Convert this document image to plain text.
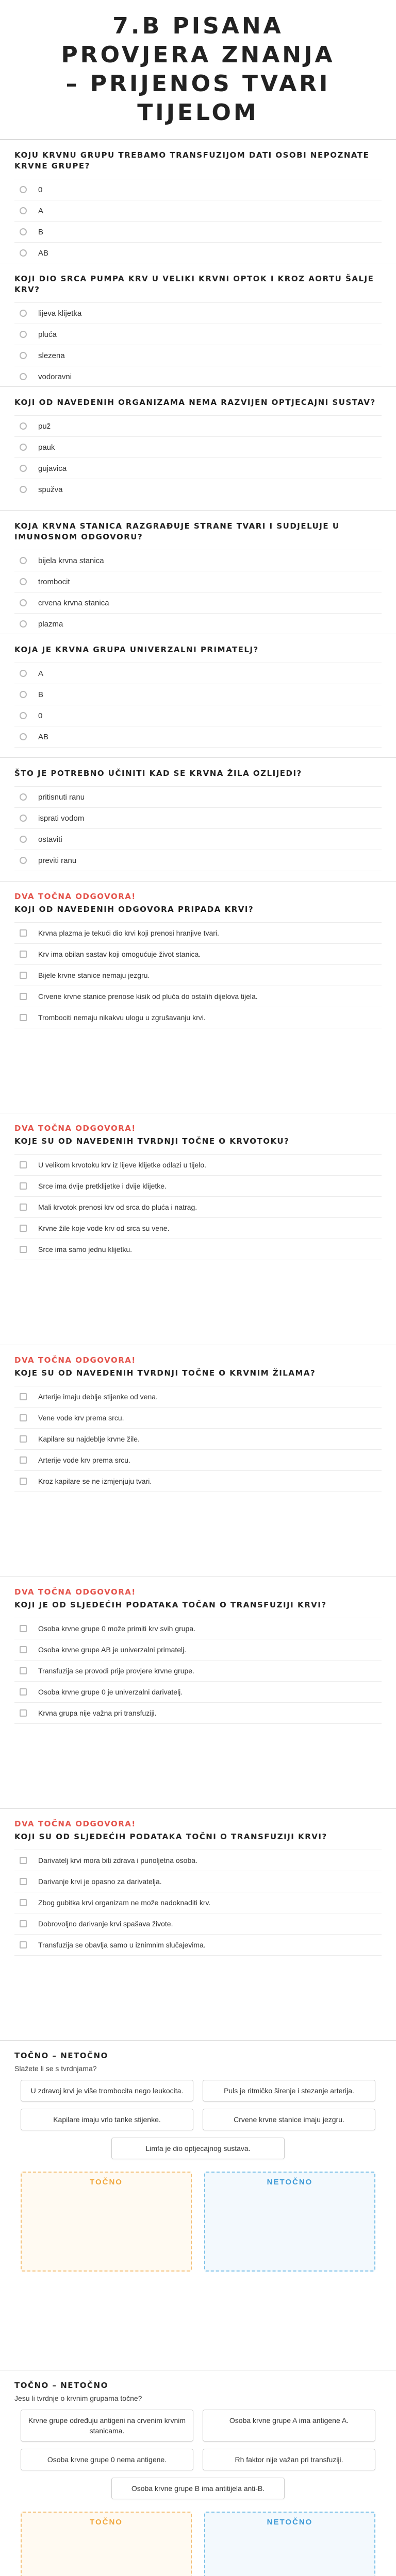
7.B PISANA
PROVJERA ZNANJA
– PRIJENOS TVARI
TIJELOM
KOJU KRVNU GRUPU TREBAMO TRANSFUZIJOM DATI OSOBI NEPOZNATE KRVNE GRUPE?
0
A
B
AB
KOJI DIO SRCA PUMPA KRV U VELIKI KRVNI OPTOK I KROZ AORTU ŠALJE KRV?
lijeva klijetka
pluća
slezena
vodoravni
KOJI OD NAVEDENIH ORGANIZAMA NEMA RAZVIJEN OPTJECAJNI SUSTAV?
puž
pauk
gujavica
spužva
KOJA KRVNA STANICA RAZGRAĐUJE STRANE TVARI I SUDJELUJE U IMUNOSNOM ODGOVORU?
bijela krvna stanica
trombocit
crvena krvna stanica
plazma
KOJA JE KRVNA GRUPA UNIVERZALNI PRIMATELJ?
A
B
0
AB
ŠTO JE POTREBNO UČINITI KAD SE KRVNA ŽILA OZLIJEDI?
pritisnuti ranu
isprati vodom
ostaviti
previti ranu
DVA TOČNA ODGOVORA!
KOJI OD NAVEDENIH ODGOVORA PRIPADA KRVI?
Krvna plazma je tekući dio krvi koji prenosi hranjive tvari.
Krv ima obilan sastav koji omogućuje život stanica.
Bijele krvne stanice nemaju jezgru.
Crvene krvne stanice prenose kisik od pluća do ostalih dijelova tijela.
Trombociti nemaju nikakvu ulogu u zgrušavanju krvi.
DVA TOČNA ODGOVORA!
KOJE SU OD NAVEDENIH TVRDNJI TOČNE O KRVOTOKU?
U velikom krvotoku krv iz lijeve klijetke odlazi u tijelo.
Srce ima dvije pretklijetke i dvije klijetke.
Mali krvotok prenosi krv od srca do pluća i natrag.
Krvne žile koje vode krv od srca su vene.
Srce ima samo jednu klijetku.
DVA TOČNA ODGOVORA!
KOJE SU OD NAVEDENIH TVRDNJI TOČNE O KRVNIM ŽILAMA?
Arterije imaju deblje stijenke od vena.
Vene vode krv prema srcu.
Kapilare su najdeblje krvne žile.
Arterije vode krv prema srcu.
Kroz kapilare se ne izmjenjuju tvari.
DVA TOČNA ODGOVORA!
KOJI JE OD SLJEDEĆIH PODATAKA TOČAN O TRANSFUZIJI KRVI?
Osoba krvne grupe 0 može primiti krv svih grupa.
Osoba krvne grupe AB je univerzalni primatelj.
Transfuzija se provodi prije provjere krvne grupe.
Osoba krvne grupe 0 je univerzalni darivatelj.
Krvna grupa nije važna pri transfuziji.
DVA TOČNA ODGOVORA!
KOJI SU OD SLJEDEĆIH PODATAKA TOČNI O TRANSFUZIJI KRVI?
Darivatelj krvi mora biti zdrava i punoljetna osoba.
Darivanje krvi je opasno za darivatelja.
Zbog gubitka krvi organizam ne može nadoknaditi krv.
Dobrovoljno darivanje krvi spašava živote.
Transfuzija se obavlja samo u iznimnim slučajevima.
TOČNO – NETOČNO
Slažete li se s tvrdnjama?
U zdravoj krvi je više trombocita nego leukocita.	Puls je ritmičko širenje i stezanje arterija.
Kapilare imaju vrlo tanke stijenke.	Crvene krvne stanice imaju jezgru.
Limfa je dio optjecajnog sustava.
TOČNO	NETOČNO
TOČNO – NETOČNO
Jesu li tvrdnje o krvnim grupama točne?
Krvne grupe određuju antigeni na crvenim krvnim stanicama.
Osoba krvne grupe A ima antigene A.
Osoba krvne grupe 0 nema antigene.	Rh faktor nije važan pri transfuziji.
Osoba krvne grupe B ima antitijela anti-B.
TOČNO	NETOČNO
